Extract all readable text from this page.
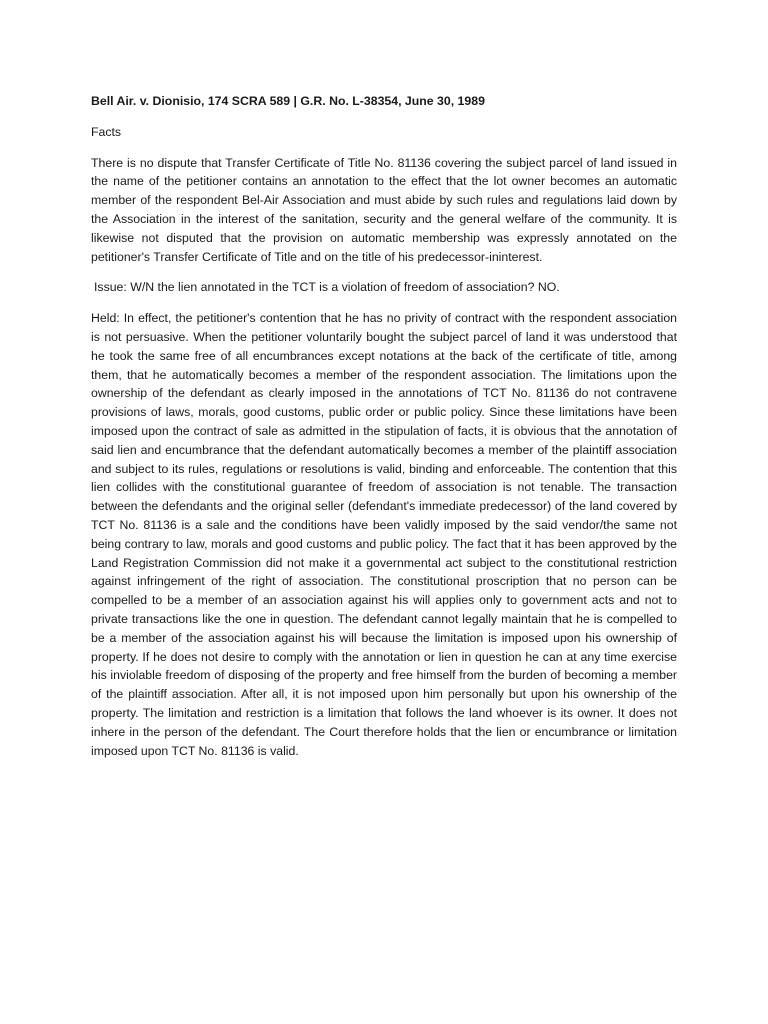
Bell Air. v. Dionisio, 174 SCRA 589 | G.R. No. L-38354, June 30, 1989

Facts

There is no dispute that Transfer Certificate of Title No. 81136 covering the subject parcel of land issued in the name of the petitioner contains an annotation to the effect that the lot owner becomes an automatic member of the respondent Bel-Air Association and must abide by such rules and regulations laid down by the Association in the interest of the sanitation, security and the general welfare of the community. It is likewise not disputed that the provision on automatic membership was expressly annotated on the petitioner's Transfer Certificate of Title and on the title of his predecessor-ininterest.

Issue: W/N the lien annotated in the TCT is a violation of freedom of association? NO.

Held: In effect, the petitioner's contention that he has no privity of contract with the respondent association is not persuasive. When the petitioner voluntarily bought the subject parcel of land it was understood that he took the same free of all encumbrances except notations at the back of the certificate of title, among them, that he automatically becomes a member of the respondent association. The limitations upon the ownership of the defendant as clearly imposed in the annotations of TCT No. 81136 do not contravene provisions of laws, morals, good customs, public order or public policy. Since these limitations have been imposed upon the contract of sale as admitted in the stipulation of facts, it is obvious that the annotation of said lien and encumbrance that the defendant automatically becomes a member of the plaintiff association and subject to its rules, regulations or resolutions is valid, binding and enforceable. The contention that this lien collides with the constitutional guarantee of freedom of association is not tenable. The transaction between the defendants and the original seller (defendant's immediate predecessor) of the land covered by TCT No. 81136 is a sale and the conditions have been validly imposed by the said vendor/the same not being contrary to law, morals and good customs and public policy. The fact that it has been approved by the Land Registration Commission did not make it a governmental act subject to the constitutional restriction against infringement of the right of association. The constitutional proscription that no person can be compelled to be a member of an association against his will applies only to government acts and not to private transactions like the one in question. The defendant cannot legally maintain that he is compelled to be a member of the association against his will because the limitation is imposed upon his ownership of property. If he does not desire to comply with the annotation or lien in question he can at any time exercise his inviolable freedom of disposing of the property and free himself from the burden of becoming a member of the plaintiff association. After all, it is not imposed upon him personally but upon his ownership of the property. The limitation and restriction is a limitation that follows the land whoever is its owner. It does not inhere in the person of the defendant. The Court therefore holds that the lien or encumbrance or limitation imposed upon TCT No. 81136 is valid.
